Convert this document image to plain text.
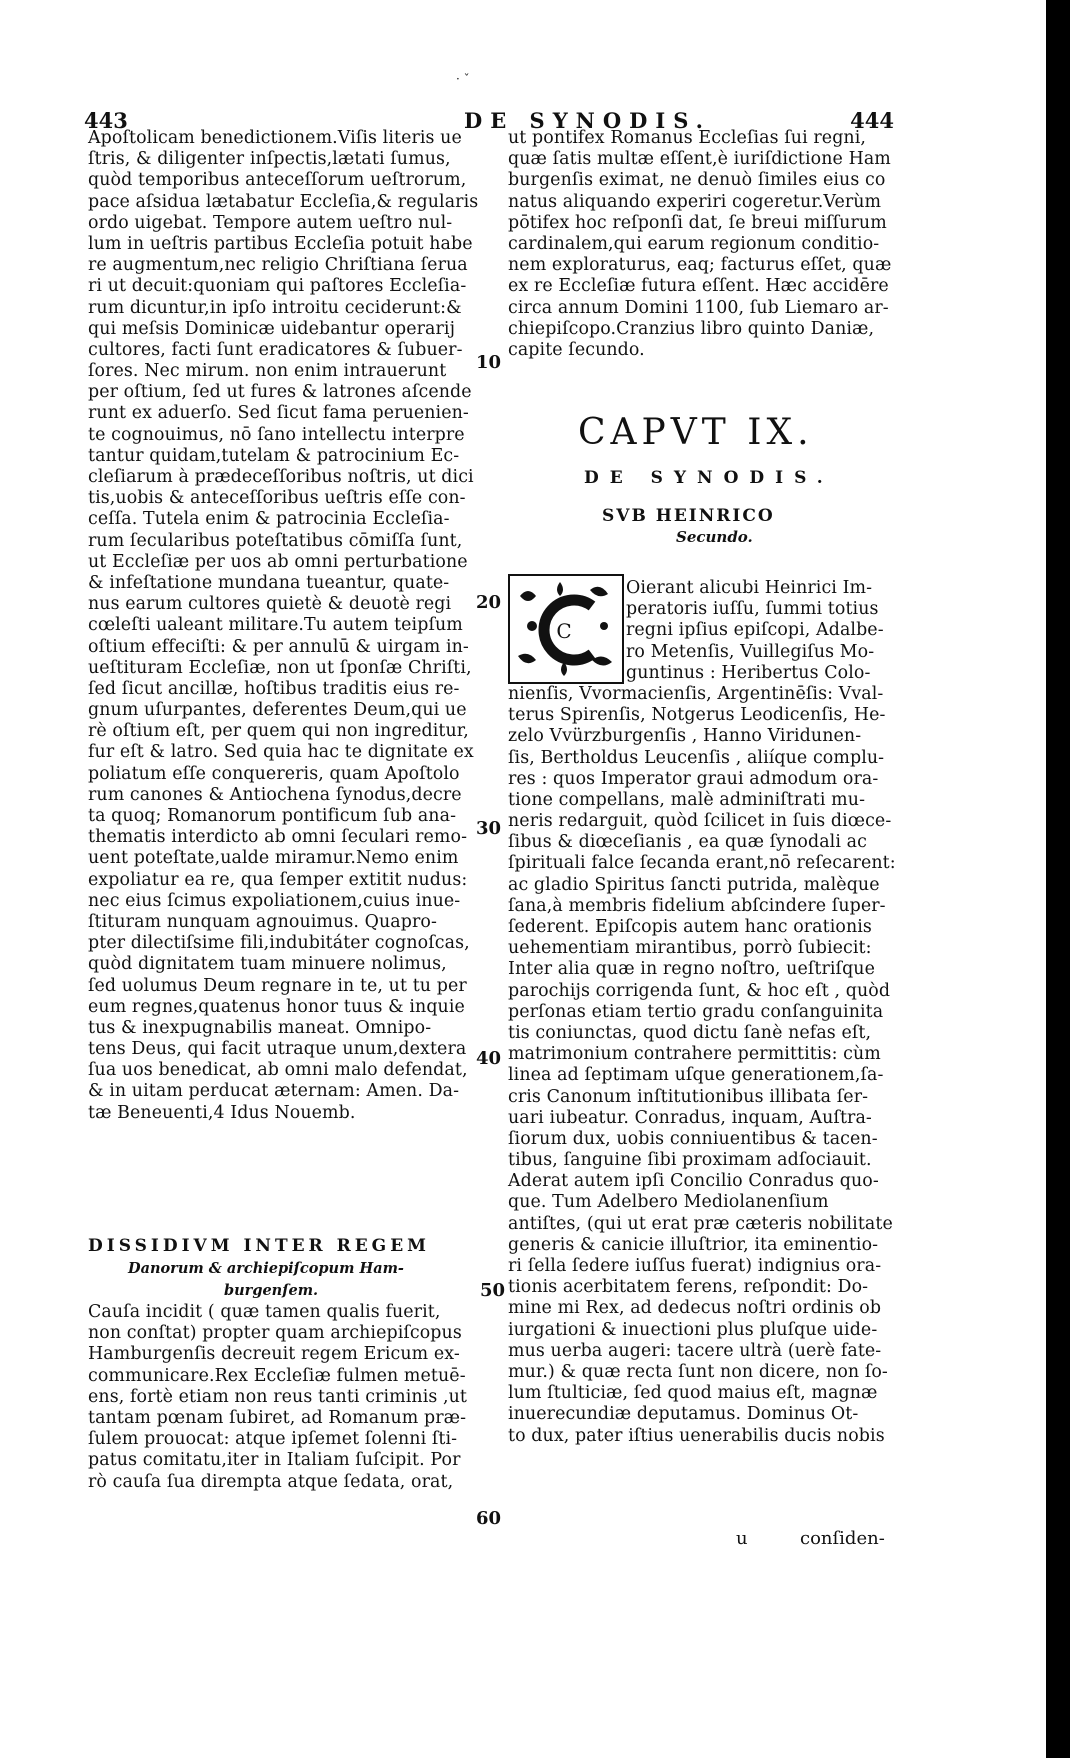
· ˇ
443	DE SYNODIS.	444
Apoſtolicam benedictionem.Viſis literis ue
ſtris, & diligenter inſpectis,lætati ſumus,
quòd temporibus anteceſſorum ueſtrorum,
pace aſsidua lætabatur Eccleſia,& regularis
ordo uigebat. Tempore autem ueſtro nul-
lum in ueſtris partibus Eccleſia potuit habe
re augmentum,nec religio Chriſtiana ſerua
ri ut decuit:quoniam qui paſtores Eccleſia-
rum dicuntur,in ipſo introitu ceciderunt:&
qui meſsis Dominicæ uidebantur operarij
cultores, facti ſunt eradicatores & ſubuer-
ſores. Nec mirum. non enim intrauerunt
per oſtium, ſed ut fures & latrones aſcende
runt ex aduerſo. Sed ſicut fama peruenien-
te cognouimus, nō ſano intellectu interpre
tantur quidam,tutelam & patrocinium Ec-
cleſiarum à prædeceſſoribus noſtris, ut dici
tis,uobis & anteceſſoribus ueſtris eſſe con-
ceſſa. Tutela enim & patrocinia Eccleſia-
rum ſecularibus poteſtatibus cōmiſſa ſunt,
ut Eccleſiæ per uos ab omni perturbatione
& infeſtatione mundana tueantur, quate-
nus earum cultores quietè & deuotè regi
cœleſti ualeant militare.Tu autem teipſum
oſtium effeciſti: & per annulū & uirgam in-
ueſtituram Eccleſiæ, non ut ſponſæ Chriſti,
ſed ſicut ancillæ, hoſtibus traditis eius re-
gnum uſurpantes, deferentes Deum,qui ue
rè oſtium eſt, per quem qui non ingreditur,
fur eſt & latro. Sed quia hac te dignitate ex
poliatum eſſe conquereris, quam Apoſtolo
rum canones & Antiochena ſynodus,decre
ta quoq; Romanorum pontificum ſub ana-
thematis interdicto ab omni ſeculari remo-
uent poteſtate,ualde miramur.Nemo enim
expoliatur ea re, qua ſemper extitit nudus:
nec eius ſcimus expoliationem,cuius inue-
ſtituram nunquam agnouimus. Quapro-
pter dilectiſsime fili,indubitáter cognoſcas,
quòd dignitatem tuam minuere nolimus,
ſed uolumus Deum regnare in te, ut tu per
eum regnes,quatenus honor tuus & inquie
tus & inexpugnabilis maneat. Omnipo-
tens Deus, qui facit utraque unum,dextera
ſua uos benedicat, ab omni malo defendat,
& in uitam perducat æternam: Amen. Da-
tæ Beneuenti,4 Idus Nouemb.
DISSIDIVM INTER REGEM
Danorum & archiepiſcopum Ham-
burgenſem.
Cauſa incidit ( quæ tamen qualis fuerit,
non conſtat) propter quam archiepiſcopus
Hamburgenſis decreuit regem Ericum ex-
communicare.Rex Eccleſiæ fulmen metuē-
ens, fortè etiam non reus tanti criminis ,ut
tantam pœnam ſubiret, ad Romanum præ-
ſulem prouocat: atque ipſemet ſolenni ſti-
patus comitatu,iter in Italiam ſuſcipit. Por
rò cauſa ſua dirempta atque ſedata, orat,
10
20
30
40
50
60
ut pontifex Romanus Eccleſias ſui regni,
quæ ſatis multæ eſſent,è iuriſdictione Ham
burgenſis eximat, ne denuò ſimiles eius co
natus aliquando experiri cogeretur.Verùm
pōtifex hoc reſponſi dat, ſe breui miſſurum
cardinalem,qui earum regionum conditio-
nem exploraturus, eaq; facturus eſſet, quæ
ex re Eccleſiæ futura eſſent. Hæc accidēre
circa annum Domini 1100, ſub Liemaro ar-
chiepiſcopo.Cranzius libro quinto Daniæ,
capite ſecundo.
CAPVT IX.
DE SYNODIS.
SVB HEINRICO
Secundo.
C
Oierant alicubi Heinrici Im-
peratoris iuſſu, ſummi totius
regni ipſius epiſcopi, Adalbe-
ro Metenſis, Vuillegiſus Mo-
guntinus : Heribertus Colo-
nienſis, Vvormacienſis, Argentinēſis: Vval-
terus Spirenſis, Notgerus Leodicenſis, He-
zelo Vvürzburgenſis , Hanno Viridunen-
ſis, Bertholdus Leucenſis , aliíque complu-
res : quos Imperator graui admodum ora-
tione compellans, malè adminiſtrati mu-
neris redarguit, quòd ſcilicet in ſuis diœce-
ſibus & diœceſianis , ea quæ ſynodali ac
ſpirituali falce ſecanda erant,nō reſecarent:
ac gladio Spiritus ſancti putrida, malèque
ſana,à membris fidelium abſcindere ſuper-
ſederent. Epiſcopis autem hanc orationis
uehementiam mirantibus, porrò ſubiecit:
Inter alia quæ in regno noſtro, ueſtriſque
parochijs corrigenda ſunt, & hoc eſt , quòd
perſonas etiam tertio gradu conſanguinita
tis coniunctas, quod dictu ſanè nefas eſt,
matrimonium contrahere permittitis: cùm
linea ad ſeptimam uſque generationem,ſa-
cris Canonum inſtitutionibus illibata ſer-
uari iubeatur. Conradus, inquam, Auſtra-
ſiorum dux, uobis conniuentibus & tacen-
tibus, ſanguine ſibi proximam adſociauit.
Aderat autem ipſi Concilio Conradus quo-
que. Tum Adelbero Mediolanenſium
antiſtes, (qui ut erat præ cæteris nobilitate
generis & canicie illuſtrior, ita eminentio-
ri ſella ſedere iuſſus fuerat) indignius ora-
tionis acerbitatem ferens, reſpondit: Do-
mine mi Rex, ad dedecus noſtri ordinis ob
iurgationi & inuectioni plus pluſque uide-
mus uerba augeri: tacere ultrà (uerè fate-
mur.) & quæ recta ſunt non dicere, non ſo-
lum ſtulticiæ, ſed quod maius eſt, magnæ
inuerecundiæ deputamus. Dominus Ot-
to dux, pater iſtius uenerabilis ducis nobis
u	conſiden-
